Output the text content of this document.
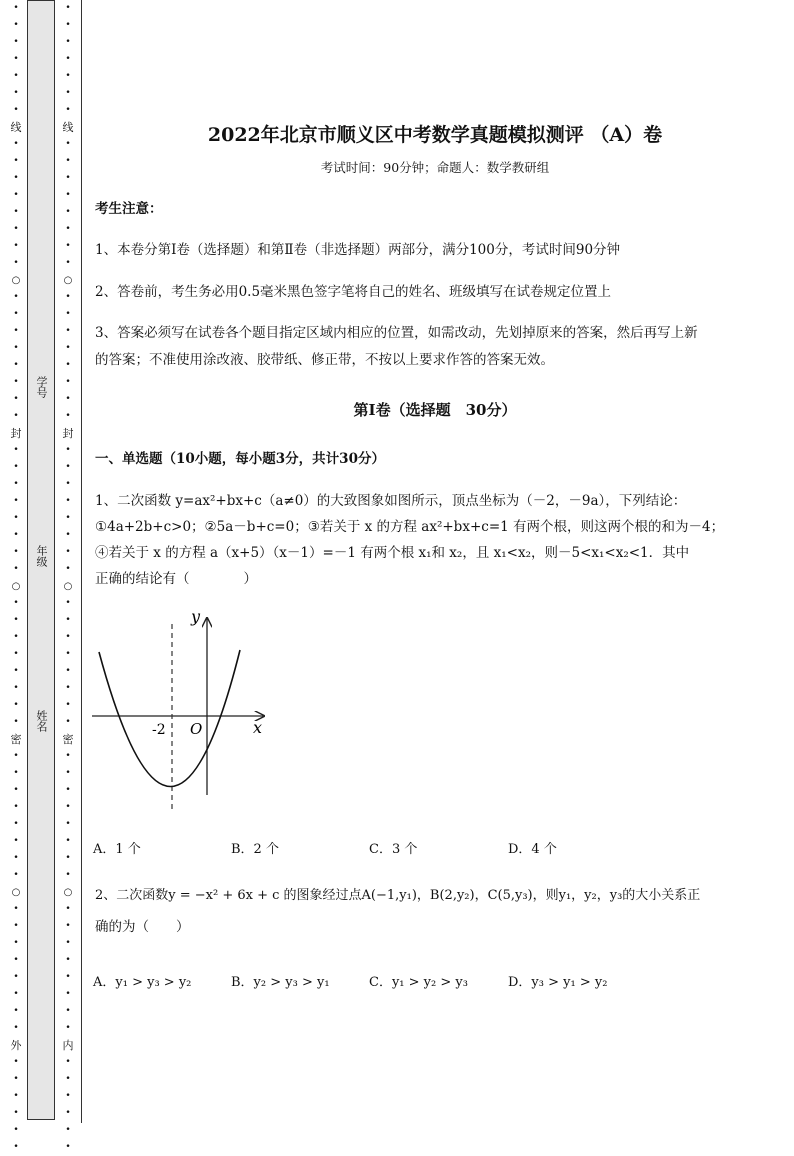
•
•
•
•
•
•
•
线
•
•
•
•
•
•
•
•
○
•
•
•
•
•
•
•
•
封
•
•
•
•
•
•
•
•
○
•
•
•
•
•
•
•
•
密
•
•
•
•
•
•
•
•
○
•
•
•
•
•
•
•
•
外
•
•
•
•
•
•
学号
年级
姓名
•
•
•
•
•
•
•
线
•
•
•
•
•
•
•
•
○
•
•
•
•
•
•
•
•
封
•
•
•
•
•
•
•
•
○
•
•
•
•
•
•
•
•
密
•
•
•
•
•
•
•
•
○
•
•
•
•
•
•
•
•
内
•
•
•
•
•
•
2022年北京市顺义区中考数学真题模拟测评 （A）卷
考试时间：90分钟；命题人：数学教研组
考生注意：
1、本卷分第I卷（选择题）和第Ⅱ卷（非选择题）两部分，满分100分，考试时间90分钟
2、答卷前，考生务必用0.5毫米黑色签字笔将自己的姓名、班级填写在试卷规定位置上
3、答案必须写在试卷各个题目指定区域内相应的位置，如需改动，先划掉原来的答案，然后再写上新
的答案；不准使用涂改液、胶带纸、修正带，不按以上要求作答的答案无效。
第I卷（选择题　30分）
一、单选题（10小题，每小题3分，共计30分）
1、二次函数 y=ax²+bx+c（a≠0）的大致图象如图所示，顶点坐标为（－2，－9a），下列结论：
①4a+2b+c>0；②5a－b+c=0；③若关于 x 的方程 ax²+bx+c=1 有两个根，则这两个根的和为－4；
④若关于 x 的方程 a（x+5）（x－1）=－1 有两个根 x₁和 x₂，且 x₁<x₂，则－5<x₁<x₂<1．其中
正确的结论有（　　　　）
y
x
O
-2
A．1 个	B．2 个	C．3 个	D．4 个
2、二次函数y = −x² + 6x + c 的图象经过点A(−1,y₁)，B(2,y₂)，C(5,y₃)，则y₁，y₂，y₃的大小关系正
确的为（　　）
A．y₁ > y₃ > y₂	B．y₂ > y₃ > y₁	C．y₁ > y₂ > y₃	D．y₃ > y₁ > y₂
